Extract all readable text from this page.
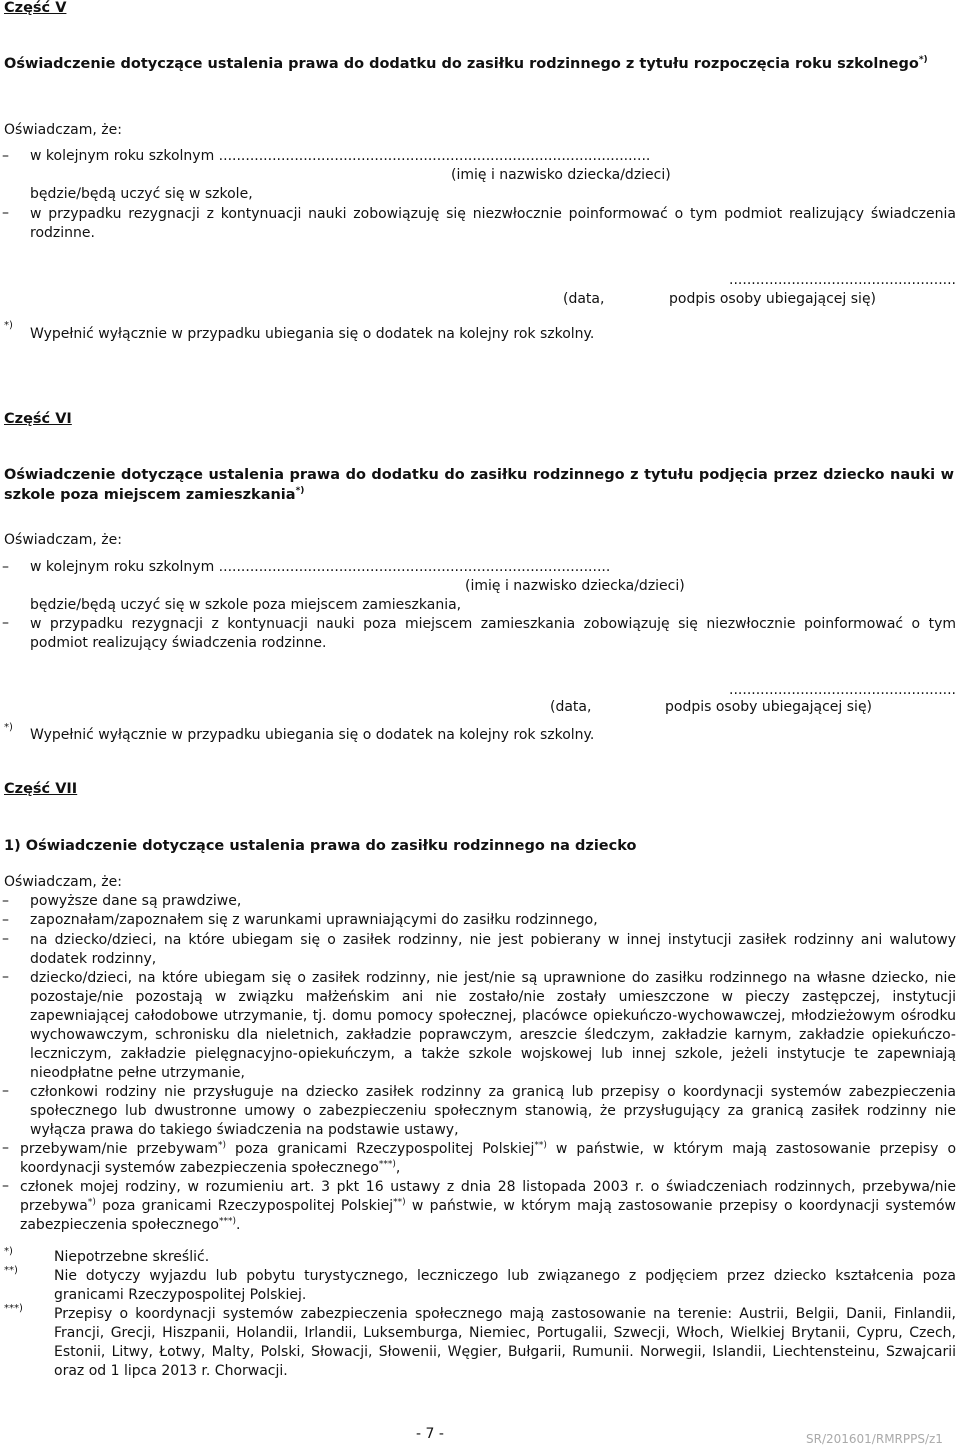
Część V
Oświadczenie dotyczące ustalenia prawa do dodatku do zasiłku rodzinnego z tytułu rozpoczęcia roku szkolnego*)
Oświadczam, że:
– w kolejnym roku szkolnym .................................................................................................
(imię i nazwisko dziecka/dzieci)
będzie/będą uczyć się w szkole,
– w przypadku rezygnacji z kontynuacji nauki zobowiązuję się niezwłocznie poinformować o tym podmiot realizujący świadczenia rodzinne.
...................................................
(data,	podpis osoby ubiegającej się)
*)
Wypełnić wyłącznie w przypadku ubiegania się o dodatek na kolejny rok szkolny.
Część VI
Oświadczenie dotyczące ustalenia prawa do dodatku do zasiłku rodzinnego z tytułu podjęcia przez dziecko nauki w szkole poza miejscem zamieszkania*)
Oświadczam, że:
– w kolejnym roku szkolnym ........................................................................................
(imię i nazwisko dziecka/dzieci)
będzie/będą uczyć się w szkole poza miejscem zamieszkania,
– w przypadku rezygnacji z kontynuacji nauki poza miejscem zamieszkania zobowiązuję się niezwłocznie poinformować o tym podmiot realizujący świadczenia rodzinne.
...................................................
(data,	podpis osoby ubiegającej się)
*) Wypełnić wyłącznie w przypadku ubiegania się o dodatek na kolejny rok szkolny.
Część VII
1) Oświadczenie dotyczące ustalenia prawa do zasiłku rodzinnego na dziecko
Oświadczam, że:
– powyższe dane są prawdziwe,
– zapoznałam/zapoznałem się z warunkami uprawniającymi do zasiłku rodzinnego,
– na dziecko/dzieci, na które ubiegam się o zasiłek rodzinny, nie jest pobierany w innej instytucji zasiłek rodzinny ani walutowy dodatek rodzinny,
– dziecko/dzieci, na które ubiegam się o zasiłek rodzinny, nie jest/nie są uprawnione do zasiłku rodzinnego na własne dziecko, nie pozostaje/nie pozostają w związku małżeńskim ani nie zostało/nie zostały umieszczone w pieczy zastępczej, instytucji zapewniającej całodobowe utrzymanie, tj. domu pomocy społecznej, placówce opiekuńczo-wychowawczej, młodzieżowym ośrodku wychowawczym, schronisku dla nieletnich, zakładzie poprawczym, areszcie śledczym, zakładzie karnym, zakładzie opiekuńczo-leczniczym, zakładzie pielęgnacyjno-opiekuńczym, a także szkole wojskowej lub innej szkole, jeżeli instytucje te zapewniają nieodpłatne pełne utrzymanie,
– członkowi rodziny nie przysługuje na dziecko zasiłek rodzinny za granicą lub przepisy o koordynacji systemów zabezpieczenia społecznego lub dwustronne umowy o zabezpieczeniu społecznym stanowią, że przysługujący za granicą zasiłek rodzinny nie wyłącza prawa do takiego świadczenia na podstawie ustawy,
– przebywam/nie przebywam*) poza granicami Rzeczypospolitej Polskiej**) w państwie, w którym mają zastosowanie przepisy o koordynacji systemów zabezpieczenia społecznego***),
– członek mojej rodziny, w rozumieniu art. 3 pkt 16 ustawy z dnia 28 listopada 2003 r. o świadczeniach rodzinnych, przebywa/nie przebywa*) poza granicami Rzeczypospolitej Polskiej**) w państwie, w którym mają zastosowanie przepisy o koordynacji systemów zabezpieczenia społecznego***).
*)	Niepotrzebne skreślić.
**)	Nie dotyczy wyjazdu lub pobytu turystycznego, leczniczego lub związanego z podjęciem przez dziecko kształcenia poza granicami Rzeczypospolitej Polskiej.
***) Przepisy o koordynacji systemów zabezpieczenia społecznego mają zastosowanie na terenie: Austrii, Belgii, Danii, Finlandii, Francji, Grecji, Hiszpanii, Holandii, Irlandii, Luksemburga, Niemiec, Portugalii, Szwecji, Włoch, Wielkiej Brytanii, Cypru, Czech, Estonii, Litwy, Łotwy, Malty, Polski, Słowacji, Słowenii, Węgier, Bułgarii, Rumunii. Norwegii, Islandii, Liechtensteinu, Szwajcarii oraz od 1 lipca 2013 r. Chorwacji.
- 7 -	SR/201601/RMRPPS/z1
